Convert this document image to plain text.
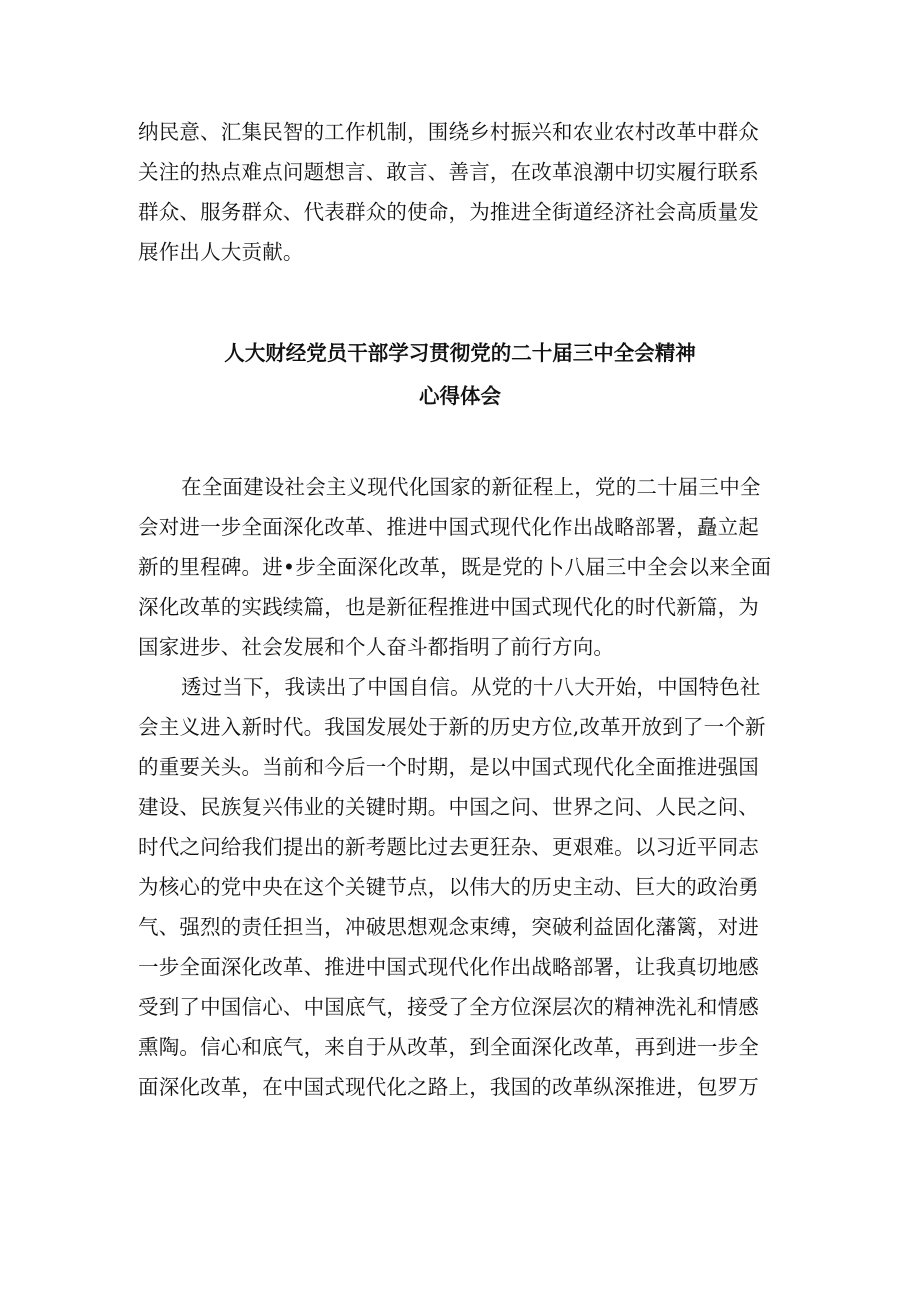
纳民意、汇集民智的工作机制，围绕乡村振兴和农业农村改革中群众
关注的热点难点问题想言、敢言、善言，在改革浪潮中切实履行联系
群众、服务群众、代表群众的使命，为推进全街道经济社会高质量发
展作出人大贡献。
人大财经党员干部学习贯彻党的二十届三中全会精神
心得体会
在全面建设社会主义现代化国家的新征程上，党的二十届三中全
会对进一步全面深化改革、推进中国式现代化作出战略部署，矗立起
新的里程碑。进•步全面深化改革，既是党的卜八届三中全会以来全面
深化改革的实践续篇，也是新征程推进中国式现代化的时代新篇，为
国家进步、社会发展和个人奋斗都指明了前行方向。
透过当下，我读出了中国自信。从党的十八大开始，中国特色社
会主义进入新时代。我国发展处于新的历史方位,改革开放到了一个新
的重要关头。当前和今后一个时期，是以中国式现代化全面推进强国
建设、民族复兴伟业的关键时期。中国之问、世界之问、人民之问、
时代之问给我们提出的新考题比过去更狂杂、更艰难。以习近平同志
为核心的党中央在这个关键节点，以伟大的历史主动、巨大的政治勇
气、强烈的责任担当，冲破思想观念束缚，突破利益固化藩篱，对进
一步全面深化改革、推进中国式现代化作出战略部署，让我真切地感
受到了中国信心、中国底气，接受了全方位深层次的精神洗礼和情感
熏陶。信心和底气，来自于从改革，到全面深化改革，再到进一步全
面深化改革，在中国式现代化之路上，我国的改革纵深推进，包罗万
